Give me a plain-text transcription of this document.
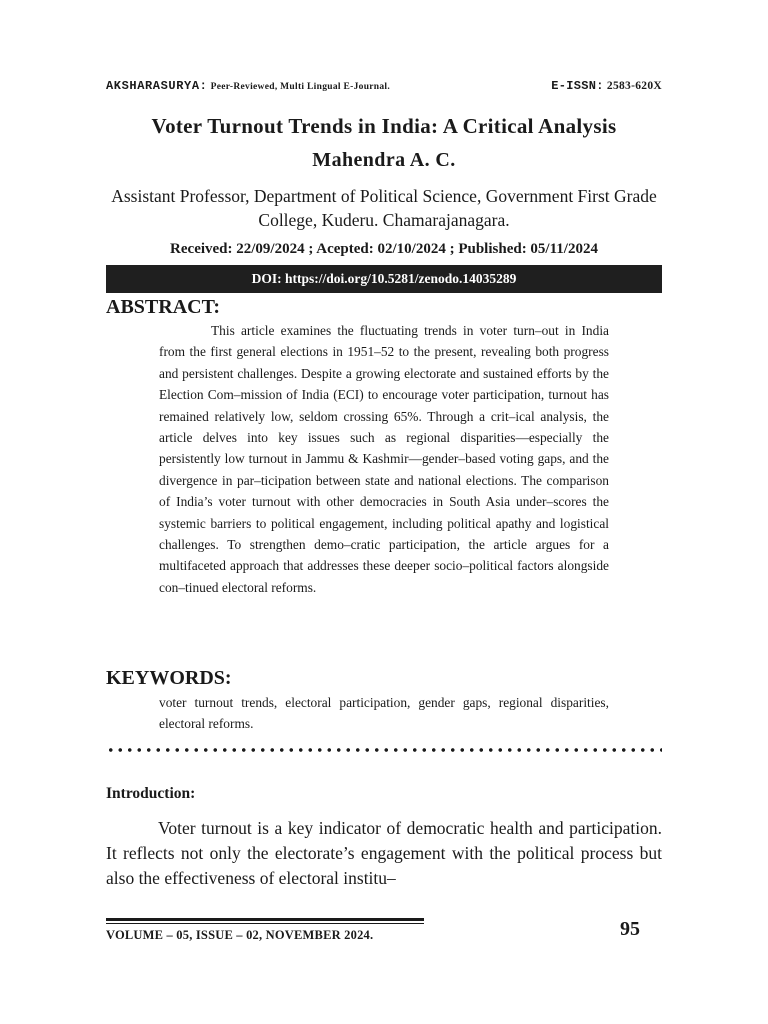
AKSHARASURYA: Peer-Reviewed, Multi Lingual E-Journal.	E-ISSN: 2583-620X
Voter Turnout Trends in India: A Critical Analysis
Mahendra A. C.
Assistant Professor, Department of Political Science, Government First Grade College, Kuderu. Chamarajanagara.
Received: 22/09/2024 ; Acepted: 02/10/2024 ; Published: 05/11/2024
DOI: https://doi.org/10.5281/zenodo.14035289
ABSTRACT:

This article examines the fluctuating trends in voter turn–out in India from the first general elections in 1951–52 to the present, revealing both progress and persistent challenges. Despite a growing electorate and sustained efforts by the Election Com–mission of India (ECI) to encourage voter participation, turnout has remained relatively low, seldom crossing 65%. Through a crit–ical analysis, the article delves into key issues such as regional disparities—especially the persistently low turnout in Jammu & Kashmir—gender–based voting gaps, and the divergence in par–ticipation between state and national elections. The comparison of India’s voter turnout with other democracies in South Asia under–scores the systemic barriers to political engagement, including political apathy and logistical challenges. To strengthen demo–cratic participation, the article argues for a multifaceted approach that addresses these deeper socio–political factors alongside con–tinued electoral reforms.

KEYWORDS:

voter turnout trends, electoral participation, gender gaps, regional disparities, electoral reforms.

Introduction:

Voter turnout is a key indicator of democratic health and participation. It reflects not only the electorate’s engagement with the political process but also the effectiveness of electoral institu–

VOLUME – 05, ISSUE – 02, NOVEMBER 2024.	95
